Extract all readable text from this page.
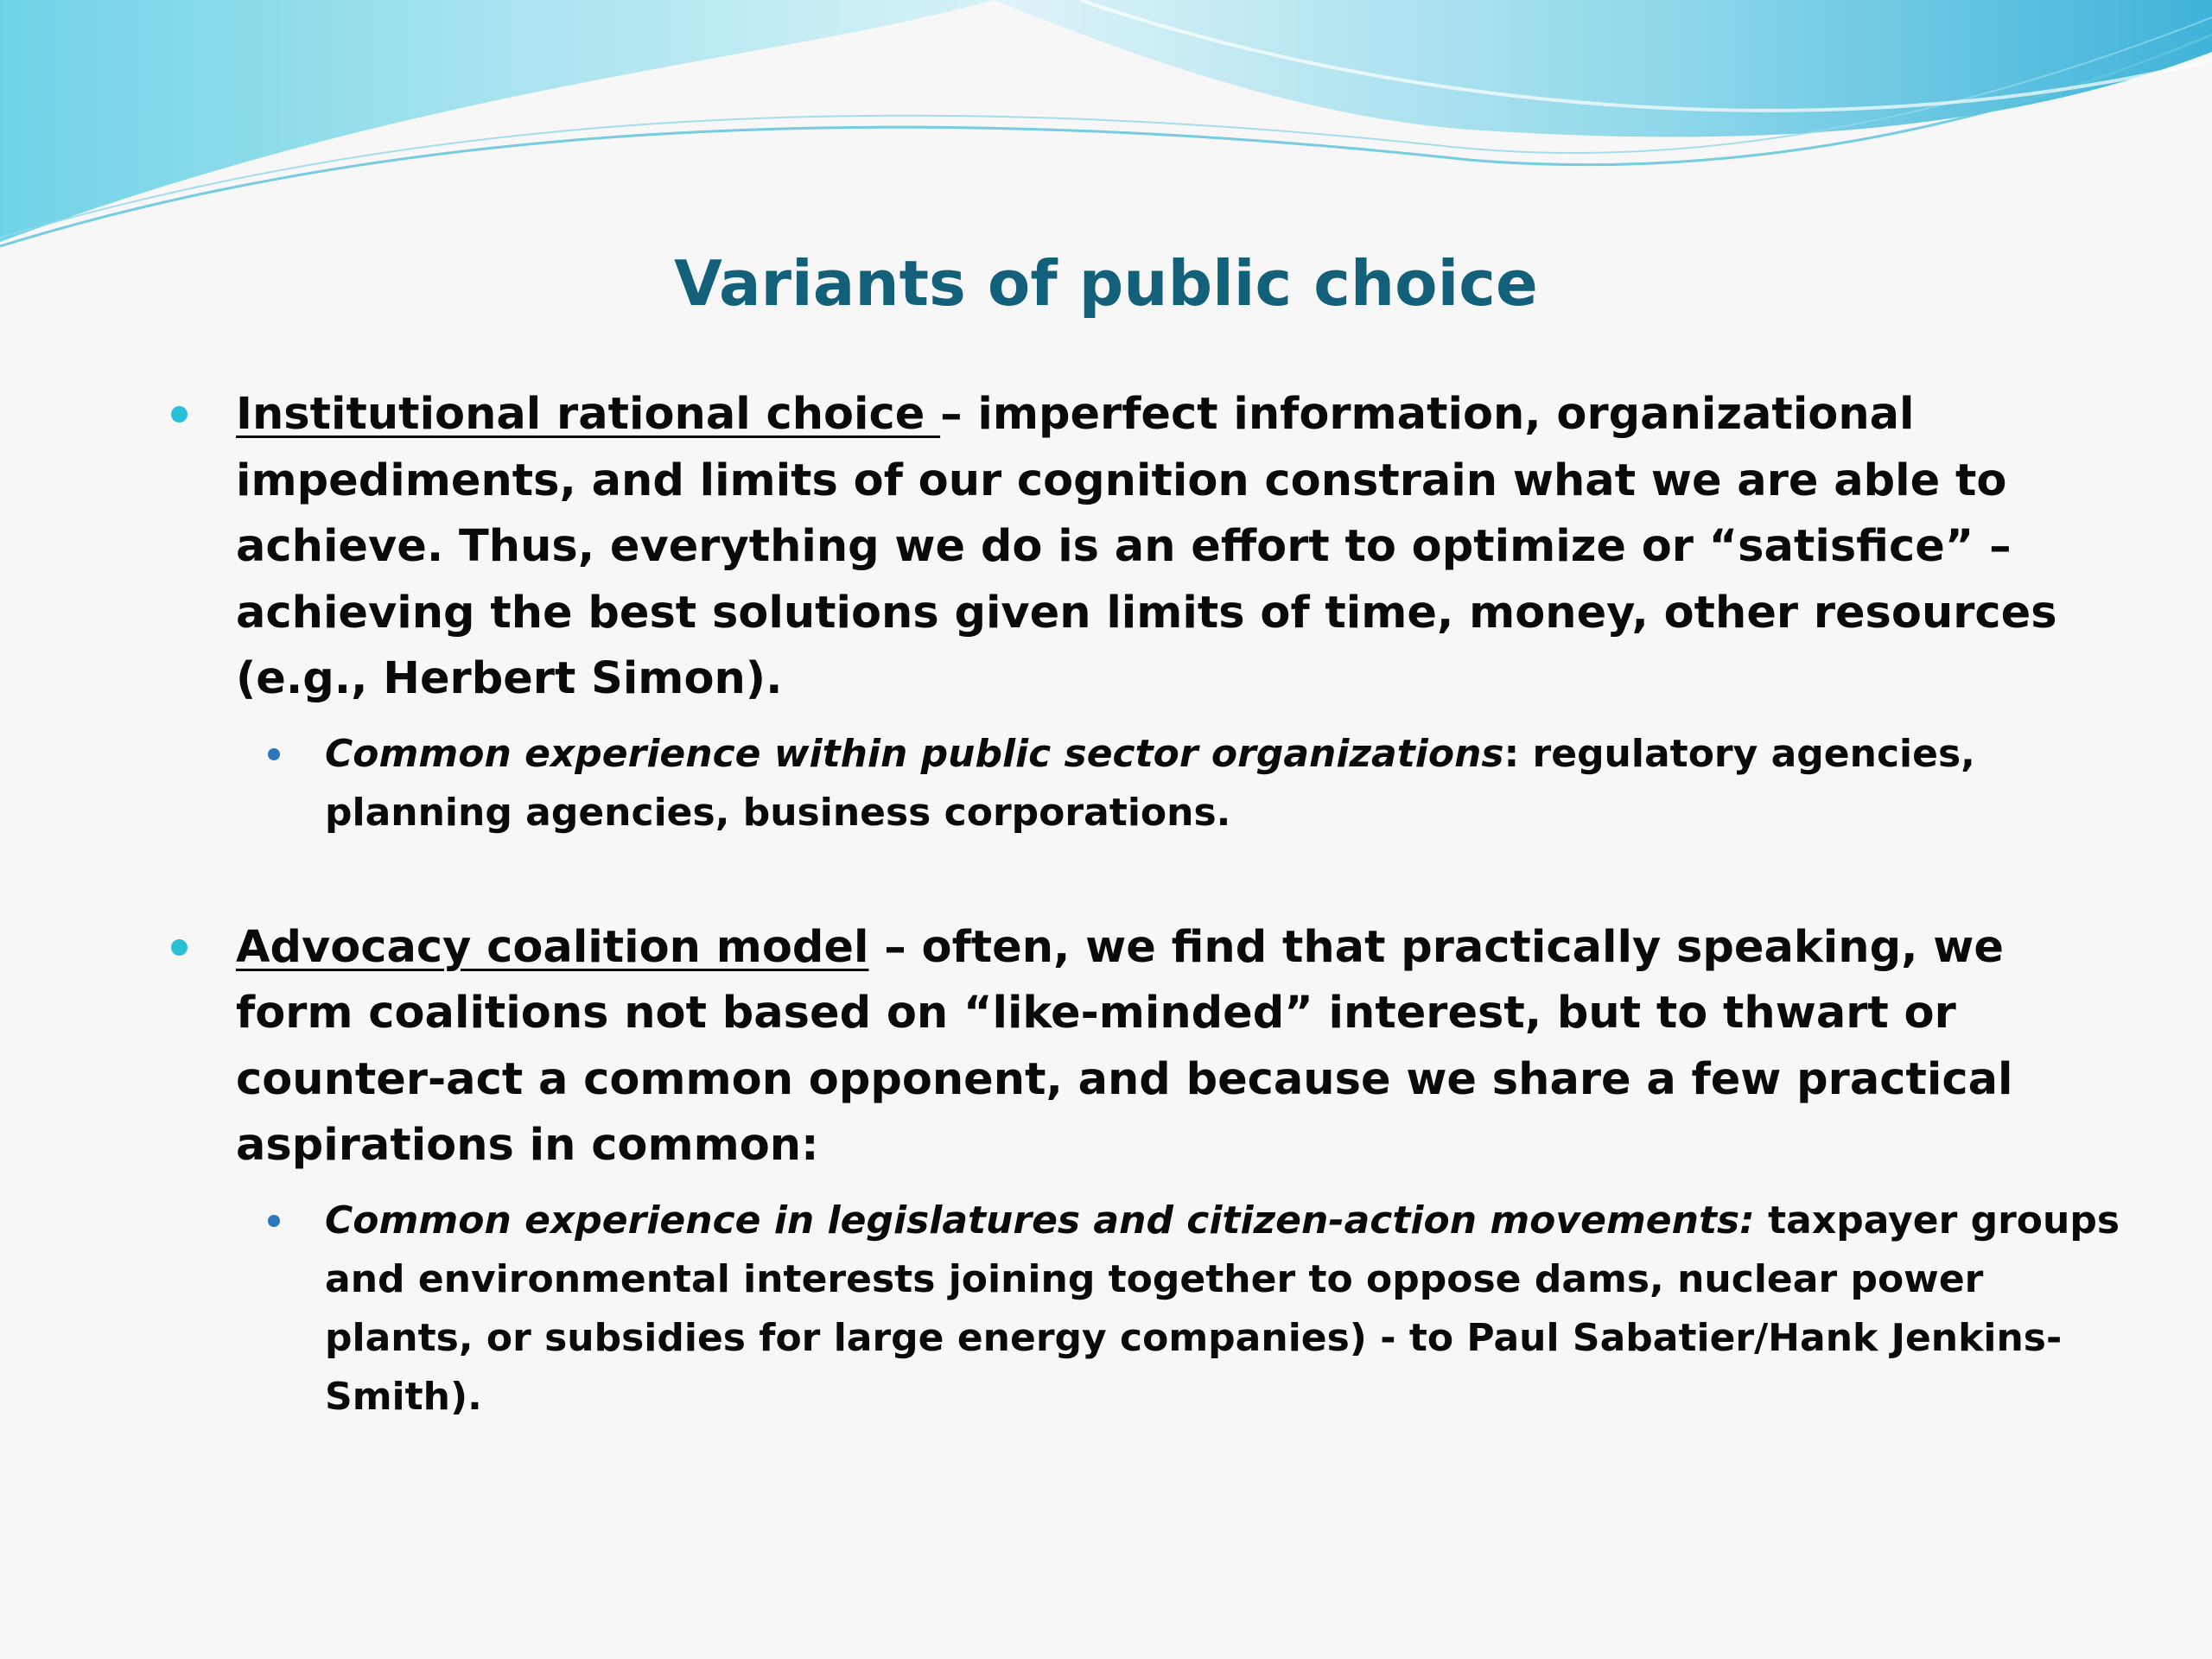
Variants of public choice
Institutional rational choice – imperfect information, organizational impediments, and limits of our cognition constrain what we are able to achieve. Thus, everything we do is an effort to optimize or “satisfice” – achieving the best solutions given limits of time, money, other resources (e.g., Herbert Simon).
Common experience within public sector organizations: regulatory agencies, planning agencies, business corporations.
Advocacy coalition model – often, we find that practically speaking, we form coalitions not based on “like-minded” interest, but to thwart or counter-act a common opponent, and because we share a few practical aspirations in common:
Common experience in legislatures and citizen-action movements: taxpayer groups and environmental interests joining together to oppose dams, nuclear power plants, or subsidies for large energy companies) - to Paul Sabatier/Hank Jenkins-Smith).
